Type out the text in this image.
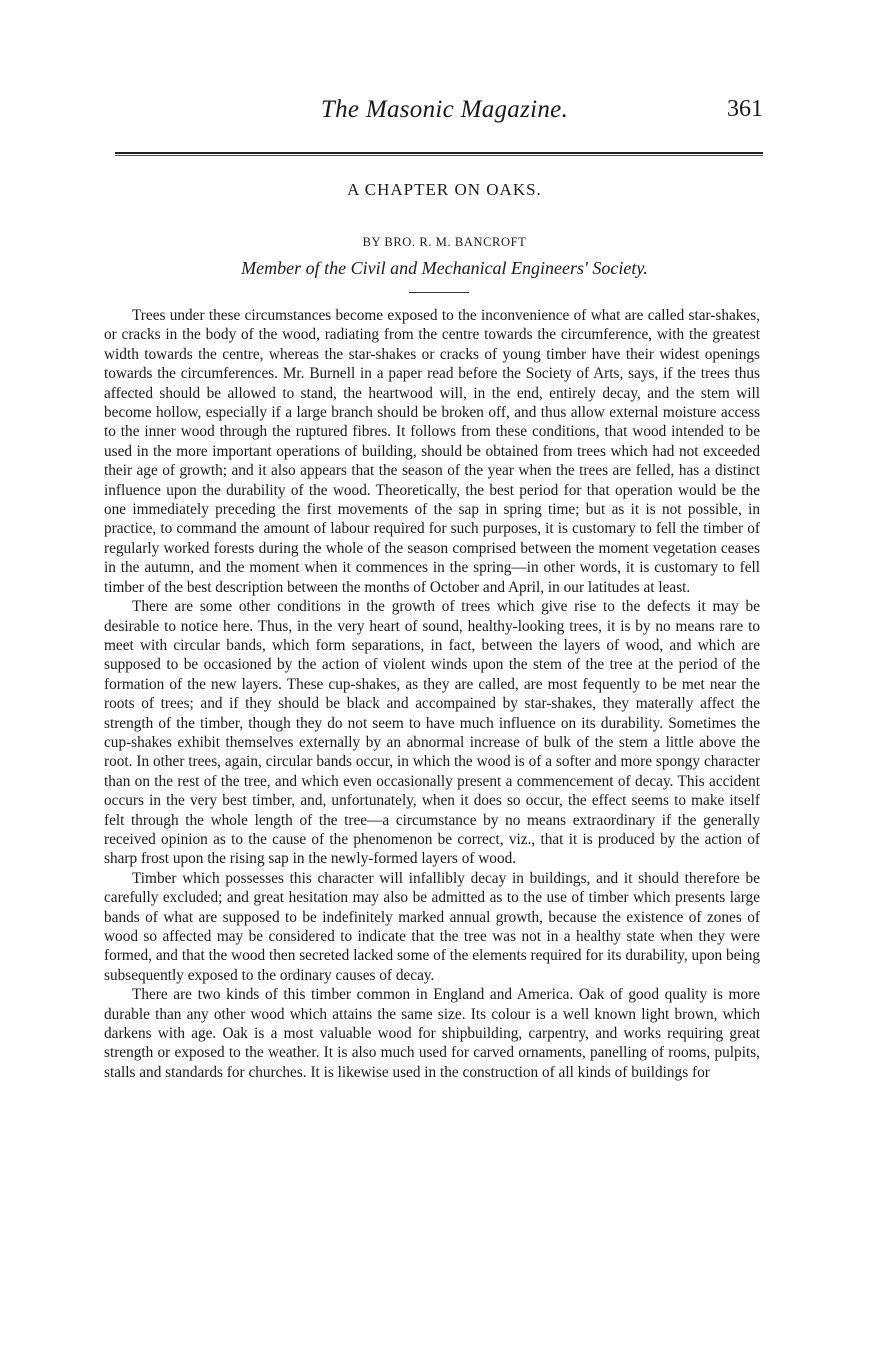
The Masonic Magazine.	361
A CHAPTER ON OAKS.
BY BRO. R. M. BANCROFT
Member of the Civil and Mechanical Engineers' Society.

Trees under these circumstances become exposed to the inconvenience of what are called star-shakes, or cracks in the body of the wood, radiating from the centre towards the circumference, with the greatest width towards the centre, whereas the star-shakes or cracks of young timber have their widest openings towards the circumferences. Mr. Burnell in a paper read before the Society of Arts, says, if the trees thus affected should be allowed to stand, the heartwood will, in the end, entirely decay, and the stem will become hollow, especially if a large branch should be broken off, and thus allow external moisture access to the inner wood through the ruptured fibres. It follows from these conditions, that wood intended to be used in the more important operations of building, should be obtained from trees which had not exceeded their age of growth; and it also appears that the season of the year when the trees are felled, has a distinct influence upon the durability of the wood. Theoretically, the best period for that operation would be the one immediately preceding the first movements of the sap in spring time; but as it is not possible, in practice, to command the amount of labour required for such purposes, it is customary to fell the timber of regularly worked forests during the whole of the season comprised between the moment vegetation ceases in the autumn, and the moment when it commences in the spring—in other words, it is customary to fell timber of the best description between the months of October and April, in our latitudes at least.

There are some other conditions in the growth of trees which give rise to the defects it may be desirable to notice here. Thus, in the very heart of sound, healthy-looking trees, it is by no means rare to meet with circular bands, which form separations, in fact, between the layers of wood, and which are supposed to be occasioned by the action of violent winds upon the stem of the tree at the period of the formation of the new layers. These cup-shakes, as they are called, are most fequently to be met near the roots of trees; and if they should be black and accompained by star-shakes, they materally affect the strength of the timber, though they do not seem to have much influence on its durability. Sometimes the cup-shakes exhibit themselves externally by an abnormal increase of bulk of the stem a little above the root. In other trees, again, circular bands occur, in which the wood is of a softer and more spongy character than on the rest of the tree, and which even occasionally present a commencement of decay. This accident occurs in the very best timber, and, unfortunately, when it does so occur, the effect seems to make itself felt through the whole length of the tree—a circumstance by no means extraordinary if the generally received opinion as to the cause of the phenomenon be correct, viz., that it is produced by the action of sharp frost upon the rising sap in the newly-formed layers of wood.

Timber which possesses this character will infallibly decay in buildings, and it should therefore be carefully excluded; and great hesitation may also be admitted as to the use of timber which presents large bands of what are supposed to be indefinitely marked annual growth, because the existence of zones of wood so affected may be considered to indicate that the tree was not in a healthy state when they were formed, and that the wood then secreted lacked some of the elements required for its durability, upon being subsequently exposed to the ordinary causes of decay.

There are two kinds of this timber common in England and America. Oak of good quality is more durable than any other wood which attains the same size. Its colour is a well known light brown, which darkens with age. Oak is a most valuable wood for shipbuilding, carpentry, and works requiring great strength or exposed to the weather. It is also much used for carved ornaments, panelling of rooms, pulpits, stalls and standards for churches. It is likewise used in the construction of all kinds of buildings for
